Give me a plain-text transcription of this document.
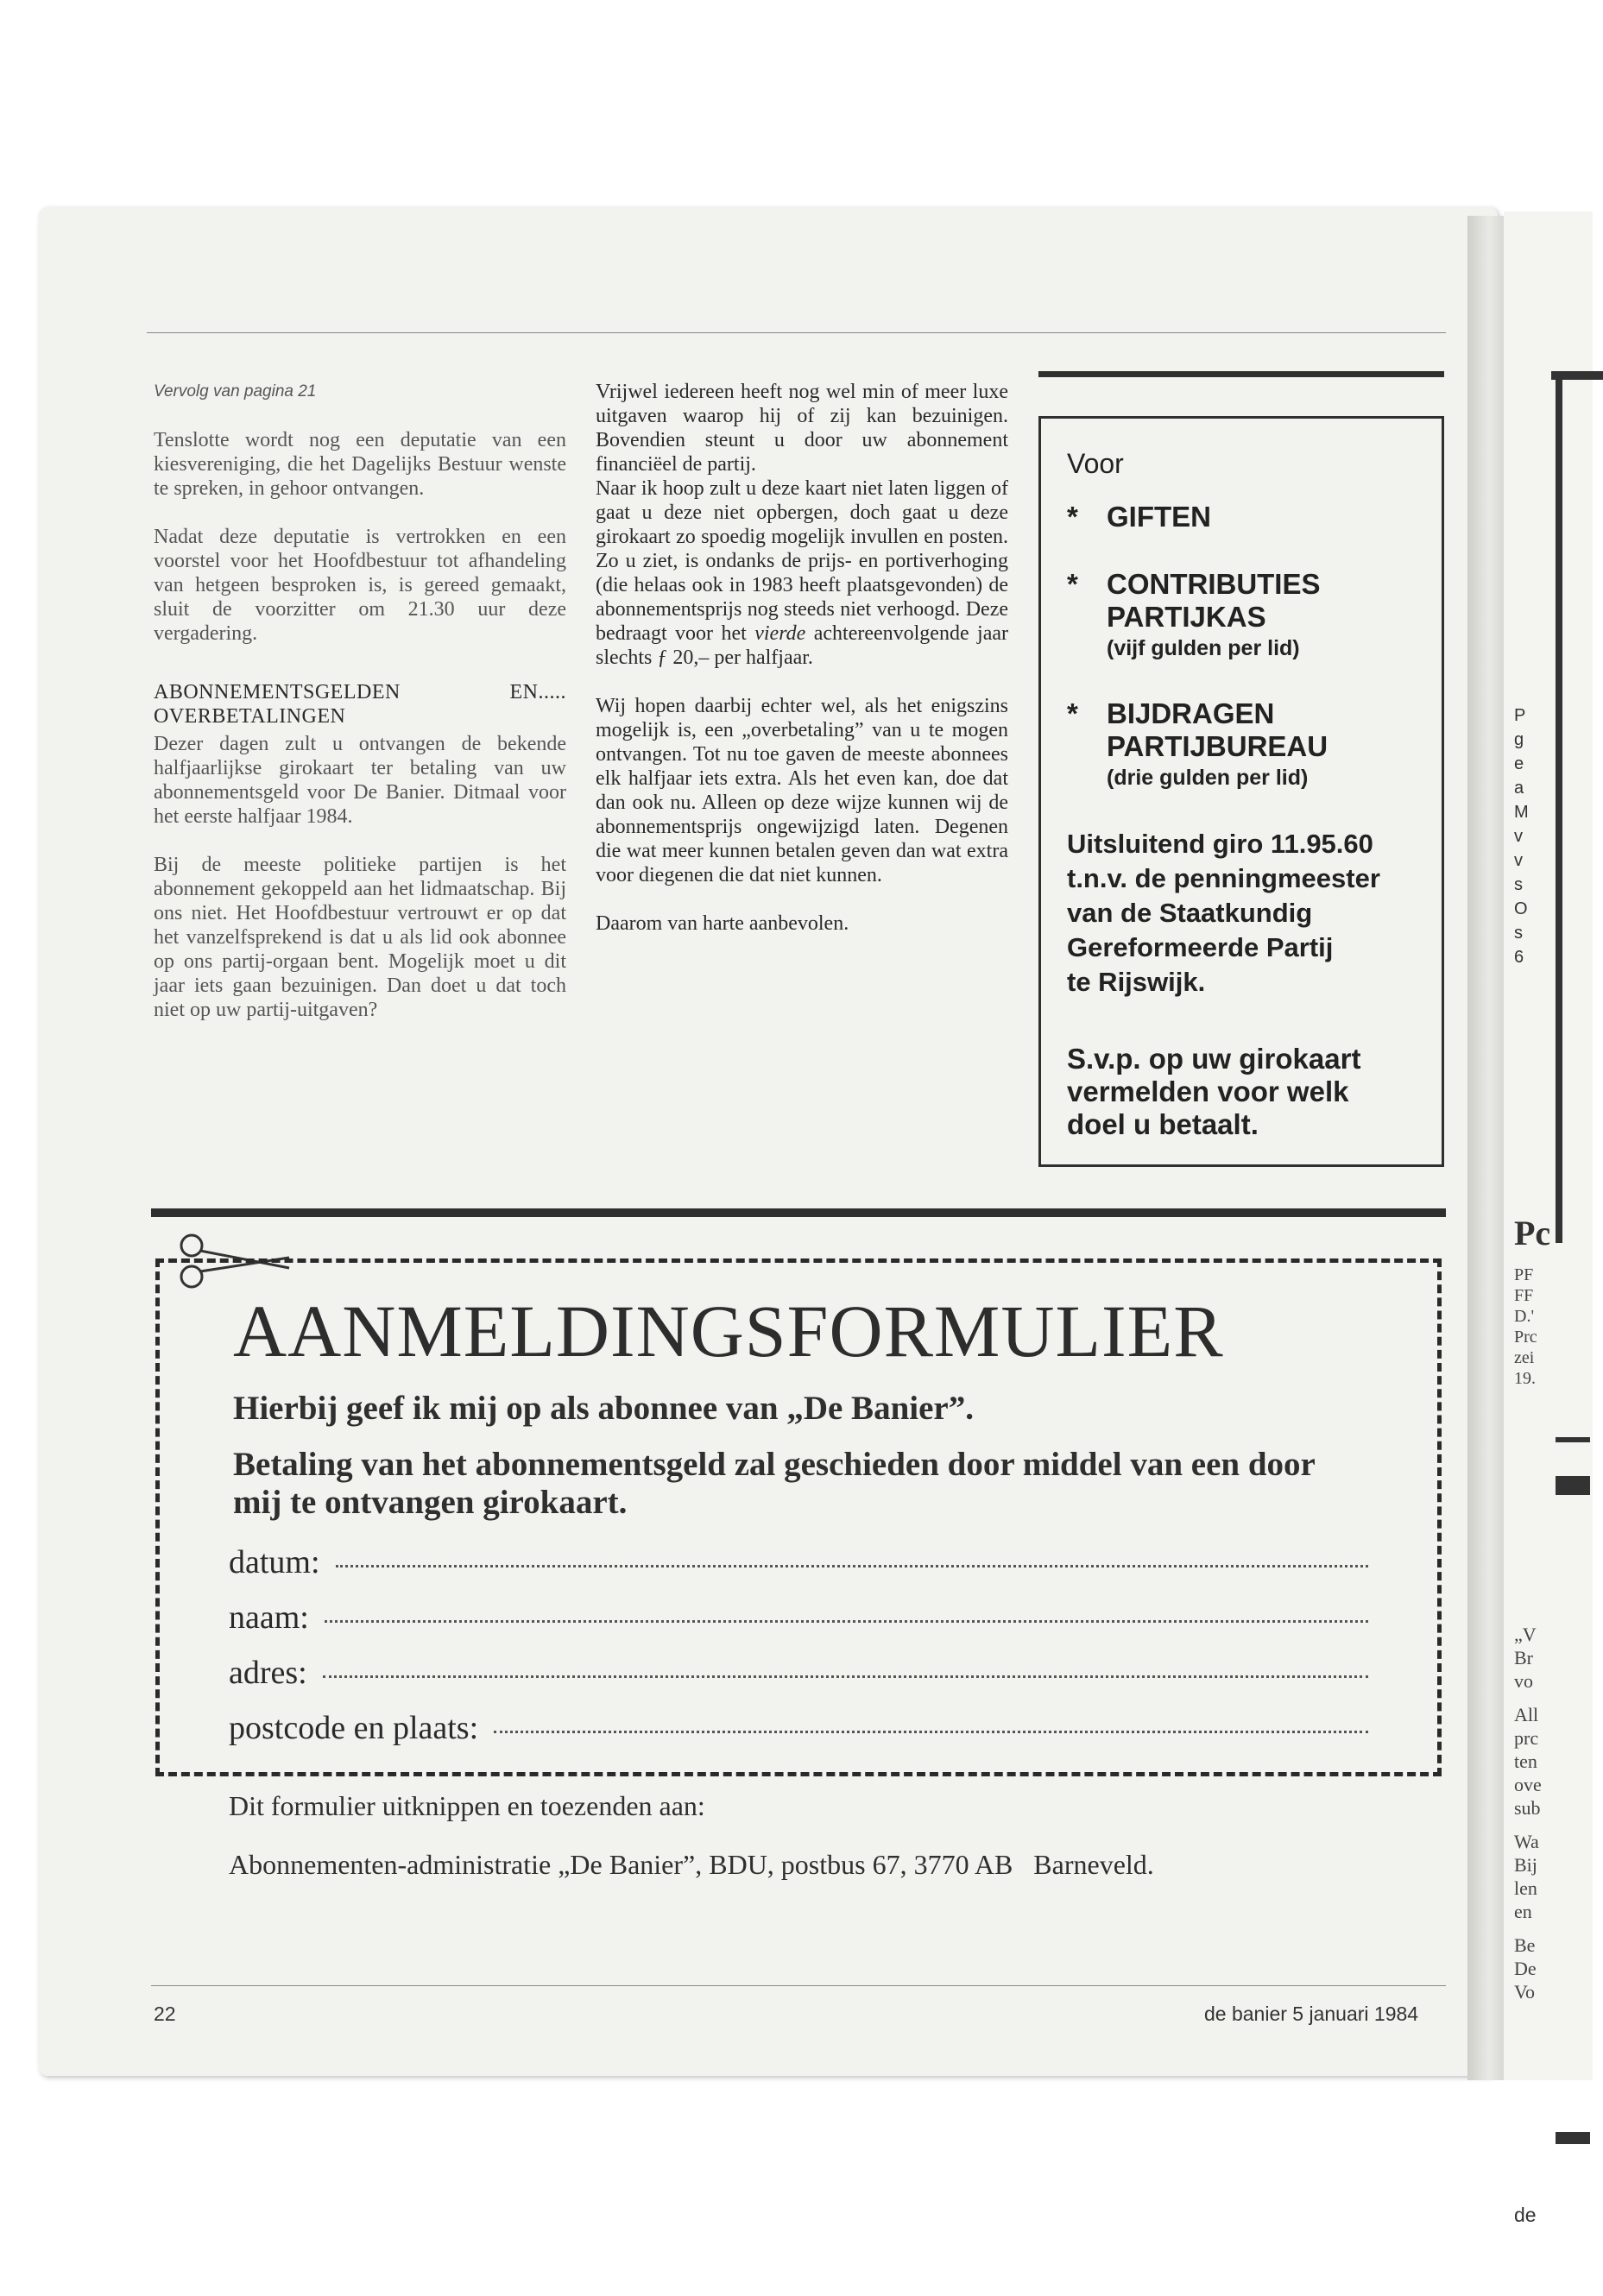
Vervolg van pagina 21

Tenslotte wordt nog een deputatie van een kiesvereniging, die het Dagelijks Bestuur wenste te spreken, in gehoor ontvangen.

Nadat deze deputatie is vertrokken en een voorstel voor het Hoofdbestuur tot afhandeling van hetgeen besproken is, is gereed gemaakt, sluit de voorzitter om 21.30 uur deze vergadering.

ABONNEMENTSGELDEN EN..... OVERBETALINGEN

Dezer dagen zult u ontvangen de bekende halfjaarlijkse girokaart ter betaling van uw abonnementsgeld voor De Banier. Ditmaal voor het eerste halfjaar 1984.

Bij de meeste politieke partijen is het abonnement gekoppeld aan het lidmaatschap. Bij ons niet. Het Hoofdbestuur vertrouwt er op dat het vanzelfsprekend is dat u als lid ook abonnee op ons partij-orgaan bent. Mogelijk moet u dit jaar iets gaan bezuinigen. Dan doet u dat toch niet op uw partij-uitgaven?

Vrijwel iedereen heeft nog wel min of meer luxe uitgaven waarop hij of zij kan bezuinigen. Bovendien steunt u door uw abonnement financiëel de partij.

Naar ik hoop zult u deze kaart niet laten liggen of gaat u deze niet opbergen, doch gaat u deze girokaart zo spoedig mogelijk invullen en posten. Zo u ziet, is ondanks de prijs- en portiverhoging (die helaas ook in 1983 heeft plaatsgevonden) de abonnementsprijs nog steeds niet verhoogd. Deze bedraagt voor het vierde achtereenvolgende jaar slechts ƒ 20,– per halfjaar.

Wij hopen daarbij echter wel, als het enigszins mogelijk is, een „overbetaling” van u te mogen ontvangen. Tot nu toe gaven de meeste abonnees elk halfjaar iets extra. Als het even kan, doe dat dan ook nu. Alleen op deze wijze kunnen wij de abonnementsprijs ongewijzigd laten. Degenen die wat meer kunnen betalen geven dan wat extra voor diegenen die dat niet kunnen.

Daarom van harte aanbevolen.

Voor
*	GIFTEN
*	CONTRIBUTIES
PARTIJKAS
(vijf gulden per lid)
*	BIJDRAGEN
PARTIJBUREAU
(drie gulden per lid)
Uitsluitend giro 11.95.60
t.n.v. de penningmeester
van de Staatkundig
Gereformeerde Partij
te Rijswijk.
S.v.p. op uw girokaart
vermelden voor welk
doel u betaalt.
AANMELDINGSFORMULIER
Hierbij geef ik mij op als abonnee van „De Banier”.
Betaling van het abonnementsgeld zal geschieden door middel van een door
mij te ontvangen girokaart.
datum:
naam:
adres:
postcode en plaats:
Dit formulier uitknippen en toezenden aan:
Abonnementen-administratie „De Banier”, BDU, postbus 67, 3770 AB   Barneveld.
22	de banier 5 januari 1984
P
g
e
a
M
v
v
s
O
s
6
Pc
PF
FF
D.'
Prc
zei
19.
„V
Br
vo
All
prc
ten
ove
sub
Wa
Bij
len
en
Be
De
Vo
de
